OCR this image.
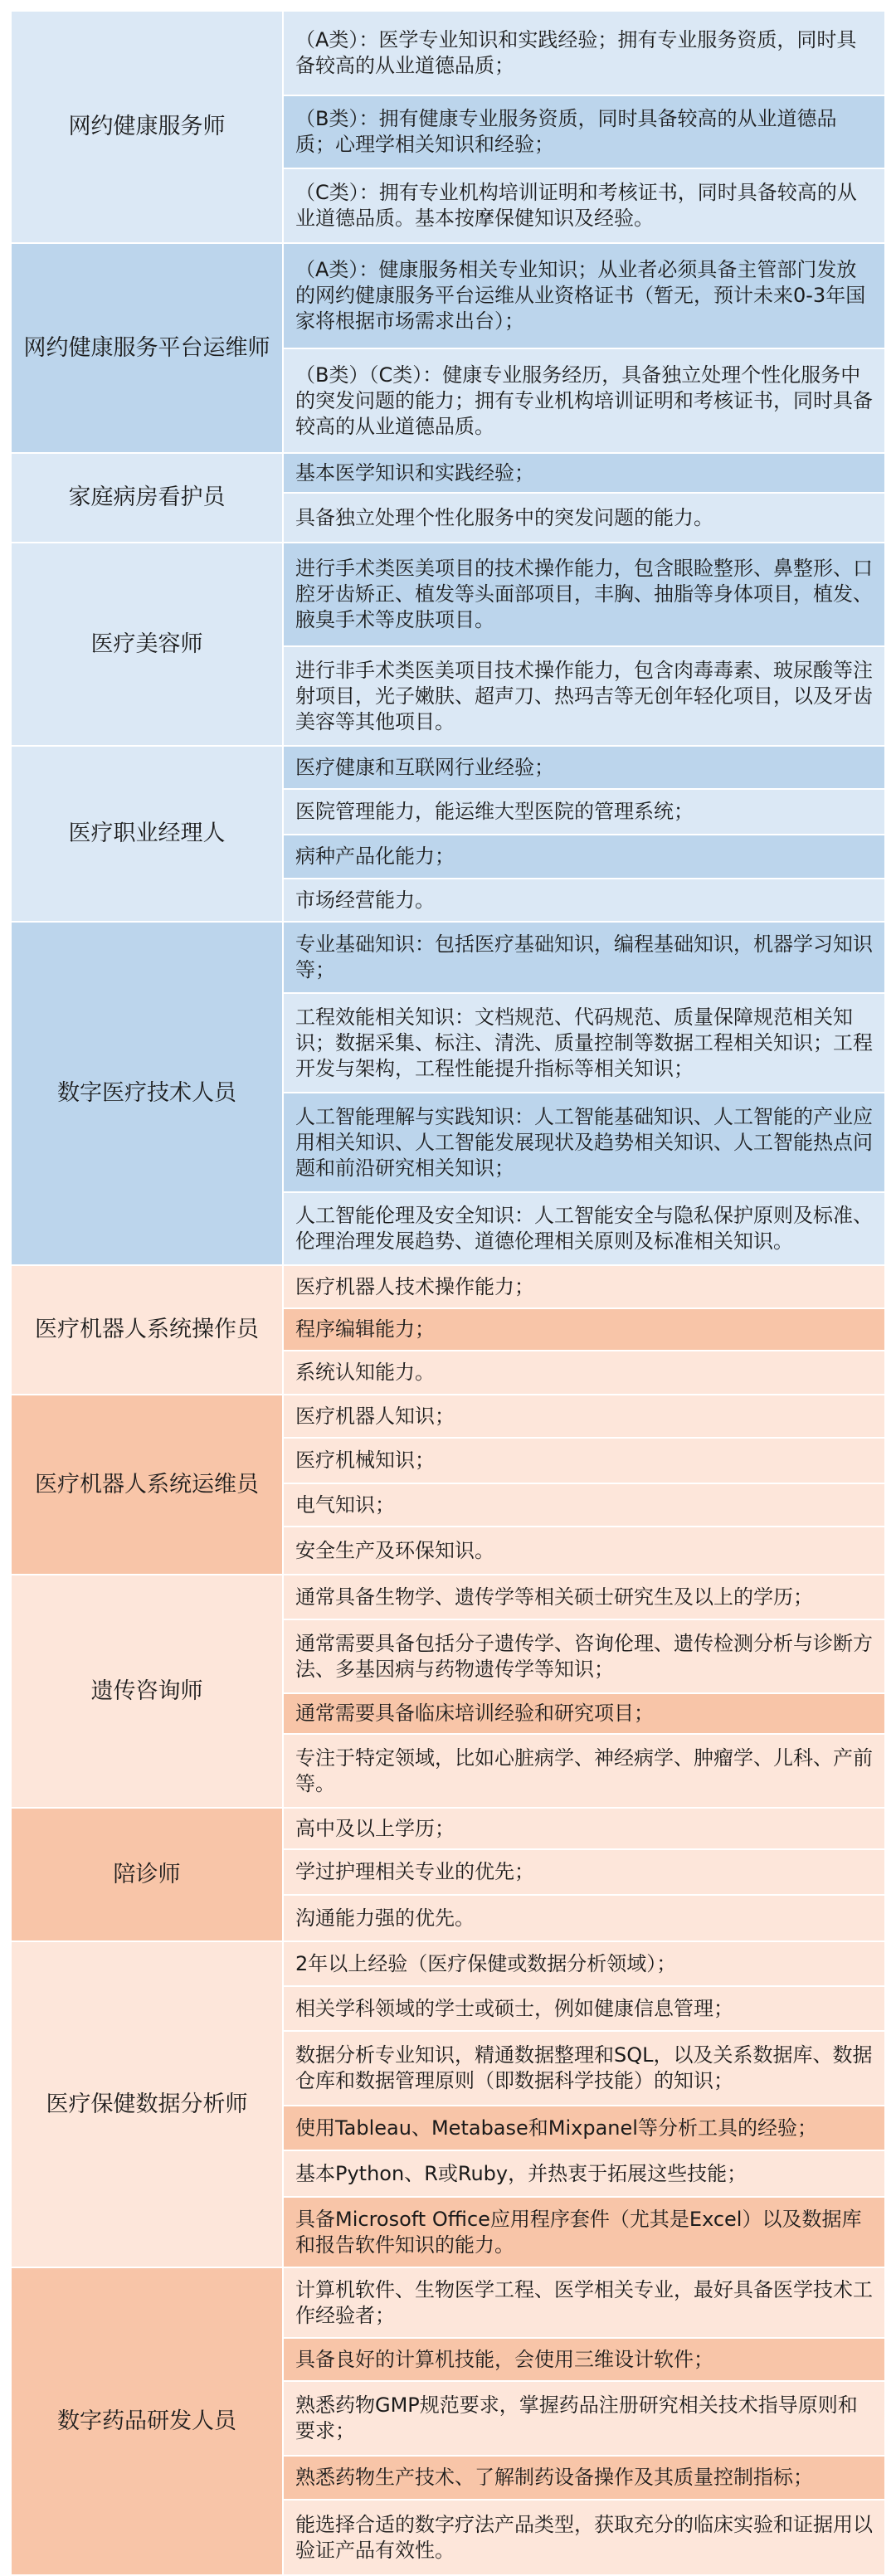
网约健康服务师	（A类）：医学专业知识和实践经验；拥有专业服务资质，同时具备较高的从业道德品质；
	（B类）：拥有健康专业服务资质，同时具备较高的从业道德品质；心理学相关知识和经验；
	（C类）：拥有专业机构培训证明和考核证书，同时具备较高的从业道德品质。基本按摩保健知识及经验。
网约健康服务平台运维师	（A类）：健康服务相关专业知识；从业者必须具备主管部门发放的网约健康服务平台运维从业资格证书（暂无，预计未来0-3年国家将根据市场需求出台）；
	（B类）（C类）：健康专业服务经历，具备独立处理个性化服务中的突发问题的能力；拥有专业机构培训证明和考核证书，同时具备较高的从业道德品质。
家庭病房看护员	基本医学知识和实践经验；
	具备独立处理个性化服务中的突发问题的能力。
医疗美容师	进行手术类医美项目的技术操作能力，包含眼睑整形、鼻整形、口腔牙齿矫正、植发等头面部项目，丰胸、抽脂等身体项目，植发、腋臭手术等皮肤项目。
	进行非手术类医美项目技术操作能力，包含肉毒毒素、玻尿酸等注射项目，光子嫩肤、超声刀、热玛吉等无创年轻化项目，以及牙齿美容等其他项目。
医疗职业经理人	医疗健康和互联网行业经验；
	医院管理能力，能运维大型医院的管理系统；
	病种产品化能力；
	市场经营能力。
数字医疗技术人员	专业基础知识：包括医疗基础知识，编程基础知识，机器学习知识等；
	工程效能相关知识：文档规范、代码规范、质量保障规范相关知识；数据采集、标注、清洗、质量控制等数据工程相关知识；工程开发与架构，工程性能提升指标等相关知识；
	人工智能理解与实践知识：人工智能基础知识、人工智能的产业应用相关知识、人工智能发展现状及趋势相关知识、人工智能热点问题和前沿研究相关知识；
	人工智能伦理及安全知识：人工智能安全与隐私保护原则及标准、伦理治理发展趋势、道德伦理相关原则及标准相关知识。
医疗机器人系统操作员	医疗机器人技术操作能力；
	程序编辑能力；
	系统认知能力。
医疗机器人系统运维员	医疗机器人知识；
	医疗机械知识；
	电气知识；
	安全生产及环保知识。
遗传咨询师	通常具备生物学、遗传学等相关硕士研究生及以上的学历；
	通常需要具备包括分子遗传学、咨询伦理、遗传检测分析与诊断方法、多基因病与药物遗传学等知识；
	通常需要具备临床培训经验和研究项目；
	专注于特定领域，比如心脏病学、神经病学、肿瘤学、儿科、产前等。
陪诊师	高中及以上学历；
	学过护理相关专业的优先；
	沟通能力强的优先。
医疗保健数据分析师	2年以上经验（医疗保健或数据分析领域）；
	相关学科领域的学士或硕士，例如健康信息管理；
	数据分析专业知识，精通数据整理和SQL，以及关系数据库、数据仓库和数据管理原则（即数据科学技能）的知识；
	使用Tableau、Metabase和Mixpanel等分析工具的经验；
	基本Python、R或Ruby，并热衷于拓展这些技能；
	具备Microsoft Office应用程序套件（尤其是Excel）以及数据库和报告软件知识的能力。
数字药品研发人员	计算机软件、生物医学工程、医学相关专业，最好具备医学技术工作经验者；
	具备良好的计算机技能，会使用三维设计软件；
	熟悉药物GMP规范要求，掌握药品注册研究相关技术指导原则和要求；
	熟悉药物生产技术、了解制药设备操作及其质量控制指标；
	能选择合适的数字疗法产品类型，获取充分的临床实验和证据用以验证产品有效性。
